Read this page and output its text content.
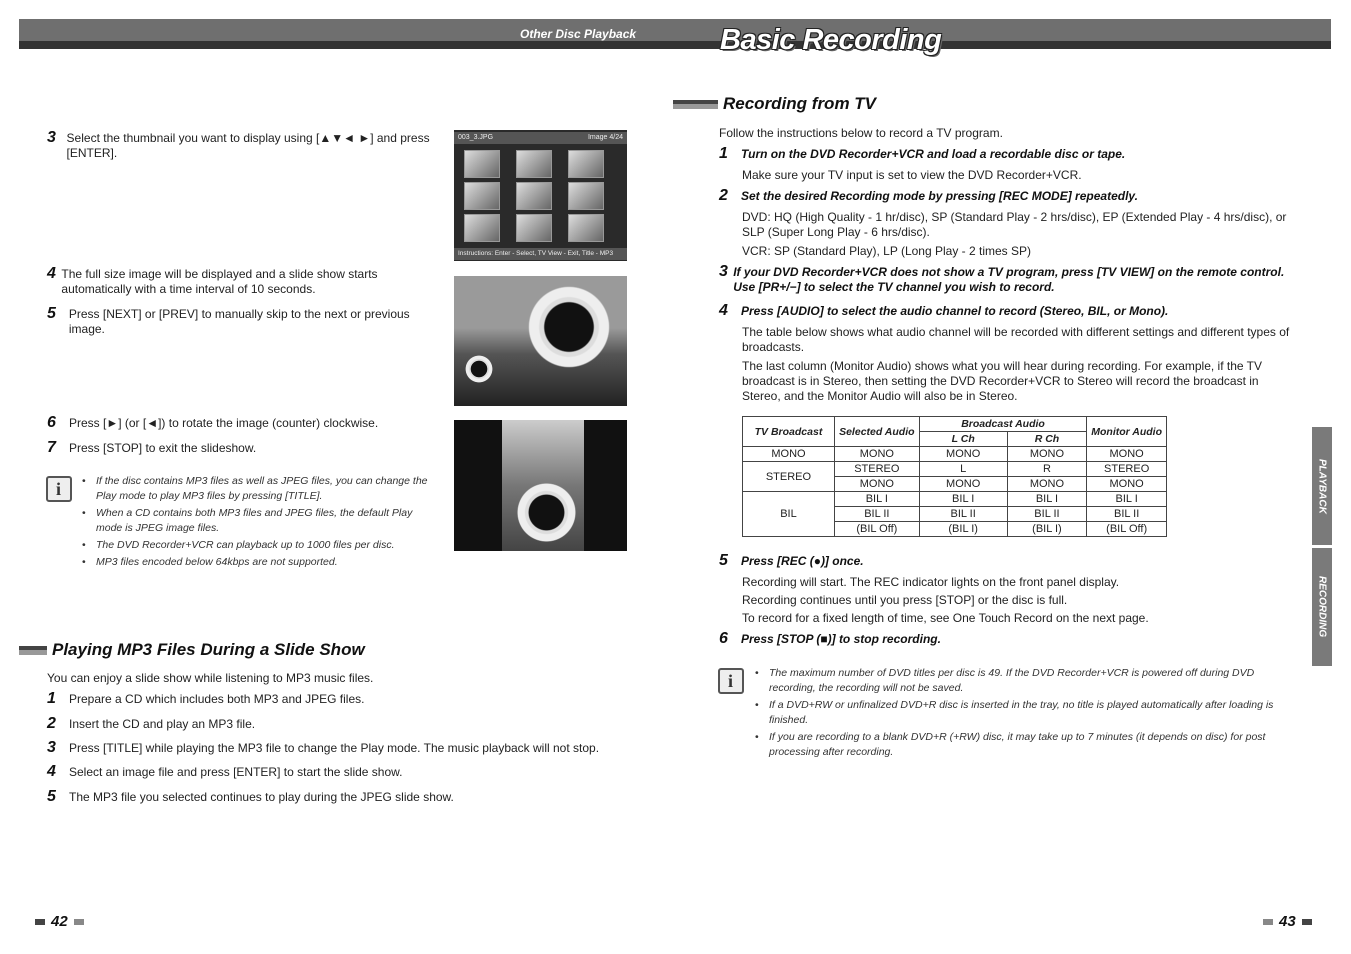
Other Disc Playback	Basic Recording
3 Select the thumbnail you want to display using [▲▼◄ ►] and press [ENTER].
4 The full size image will be displayed and a slide show starts automatically with a time interval of 10 seconds.
5	Press [NEXT] or [PREV] to manually skip to the next or previous image.
6	Press [►] (or [◄]) to rotate the image (counter) clockwise.
7	Press [STOP] to exit the slideshow.
003_3.JPG	Image 4/24
Instructions: Enter - Select, TV View - Exit, Title - MP3
i
• If the disc contains MP3 files as well as JPEG files, you can change the Play mode to play MP3 files by pressing [TITLE].
• When a CD contains both MP3 files and JPEG files, the default Play mode is JPEG image files.
• The DVD Recorder+VCR can playback up to 1000 files per disc.
• MP3 files encoded below 64kbps are not supported.
Playing MP3 Files During a Slide Show
You can enjoy a slide show while listening to MP3 music files.
1	Prepare a CD which includes both MP3 and JPEG files.
2	Insert the CD and play an MP3 file.
3	Press [TITLE] while playing the MP3 file to change the Play mode. The music playback will not stop.
4	Select an image file and press [ENTER] to start the slide show.
5	The MP3 file you selected continues to play during the JPEG slide show.
42
Recording from TV
Follow the instructions below to record a TV program.
1	Turn on the DVD Recorder+VCR and load a recordable disc or tape.
Make sure your TV input is set to view the DVD Recorder+VCR.
2	Set the desired Recording mode by pressing [REC MODE] repeatedly.
DVD: HQ (High Quality - 1 hr/disc), SP (Standard Play - 2 hrs/disc), EP (Extended Play - 4 hrs/disc), or SLP (Super Long Play - 6 hrs/disc).
VCR: SP (Standard Play), LP (Long Play - 2 times SP)
3 If your DVD Recorder+VCR does not show a TV program, press [TV VIEW] on the remote control. Use [PR+/−] to select the TV channel you wish to record.
4	Press [AUDIO] to select the audio channel to record (Stereo, BIL, or Mono).
The table below shows what audio channel will be recorded with different settings and different types of broadcasts.
The last column (Monitor Audio) shows what you will hear during recording. For example, if the TV broadcast is in Stereo, then setting the DVD Recorder+VCR to Stereo will record the broadcast in Stereo, and the Monitor Audio will also be in Stereo.
TV Broadcast	Selected Audio	Broadcast Audio		Monitor Audio
		L Ch	R Ch	
MONO	MONO	MONO	MONO	MONO
STEREO	STEREO	L	R	STEREO
	MONO	MONO	MONO	MONO
BIL	BIL I	BIL I	BIL I	BIL I
	BIL II	BIL II	BIL II	BIL II
	(BIL Off)	(BIL I)	(BIL I)	(BIL Off)
5	Press [REC (●)] once.
Recording will start. The REC indicator lights on the front panel display.
Recording continues until you press [STOP] or the disc is full.
To record for a fixed length of time, see One Touch Record on the next page.
6	Press [STOP (■)] to stop recording.
i
• The maximum number of DVD titles per disc is 49. If the DVD Recorder+VCR is powered off during DVD recording, the recording will not be saved.
• If a DVD+RW or unfinalized DVD+R disc is inserted in the tray, no title is played automatically after loading is finished.
• If you are recording to a blank DVD+R (+RW) disc, it may take up to 7 minutes (it depends on disc) for post processing after recording.
PLAYBACK
RECORDING
43
